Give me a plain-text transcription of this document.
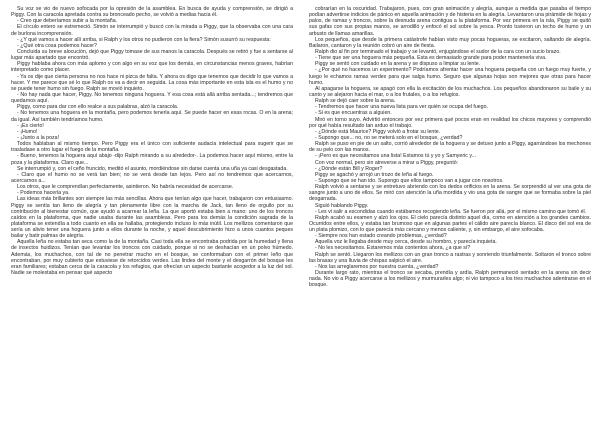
Su voz se vio de nuevo sofocada por la opresión de la asamblea. En busca de ayuda y comprensión, se dirigió a Piggy. Con la caracola apretada contra su bronceado pecho, se volvió a medias hacia él.

- Creo que deberíamos subir a la montaña.

El círculo entero se estremeció. Simón se interrumpió y buscó con la mirada a Piggy, que la observaba con una cara de burlona incomprensión.

- ¿Y qué vamos a hacer allí arriba, si Ralph y los otros no pudieron con la fiera? Simón susurró su respuesta:

- ¿Qué otra cosa podemos hacer?

Concluida su breve alocución, dejó que Piggy tomase de sus manos la caracola. Después se retiró y fue a sentarse al lugar más apartado que encontró.

Piggy hablaba ahora con más aplomo y con algo en su voz que los demás, en circunstancias menos graves, habrían interpretado como placer.

- Ya os dije que cierta persona no nos hace ni pizca de falta. Y ahora os digo que tenemos que decidir lo que vamos a hacer. Y me parece que sé lo que Ralph os va a decir en seguida. La cosa más importante en esta isla es el humo y no se puede tener humo sin fuego. Ralph se movió inquieto.

- No hay nada que hacer, Piggy. No tenemos ninguna hoguera. Y esa cosa está allá arriba sentada...; tendremos que quedarnos aquí.

Piggy, como para dar con ello realce a sus palabras, alzó la caracola.

- No tenemos una hoguera en la montaña, pero podemos tenerla aquí. Se puede hacer en esas rocas. O en la arena; da igual. Así también tendríamos humo.

- ¡Es cierto!

- ¡Humo!

- ¡Junto a la poza!

Todos hablaban al mismo tiempo. Pero Piggy era el único con suficiente audacia intelectual para sugerir que se trasladase a otro lugar el fuego de la montaña.

- Bueno, tenemos la hoguera aquí abajo -dijo Ralph mirando a su alrededor-. La podemos hacer aquí mismo, entre la poza y la plataforma. Claro que...

Se interrumpió y, con el ceño fruncido, meditó el asunto, mordiéndose sin darse cuenta una uña ya casi desgastada.

- Claro que el humo no se verá tan bien; no se verá desde tan lejos. Pero así no tendremos que acercarnos, acercarnos a...

Los otros, que le comprendían perfectamente, asintieron. No habría necesidad de acercarse.

- Podemos hacerla ya.

Las ideas más brillantes son siempre las más sencillas. Ahora que tenían algo que hacer, trabajaron con entusiasmo. Piggy se sentía tan lleno de alegría y tan plenamente libre con la marcha de Jack, tan lleno de orgullo por su contribución al bienestar común, que ayudó a acarrear la leña. La que aportó estaba bien a mano: uno de los troncos caídos en la plataforma, que nadie usaba durante las asambleas. Pero para los demás la condición sagrada de la plataforma se extendía a todo cuanto en ella se hallaba, protegiendo incluso lo más inútil. Los mellizos comentaron que sería un alivio tener una hoguera junto a ellos durante la noche, y aquel descubrimiento hizo a unos cuantos peques bailar y batir palmas de alegría.

Aquella leña no estaba tan seca como la de la montaña. Casi toda ella se encontraba podrida por la humedad y llena de insectos huidizos. Tenían que levantar los troncos con cuidado, porque si no se deshacían en un polvo húmedo. Además, los muchachos, con tal de no penetrar mucho en el bosque, se conformaban con el primer leño que encontraban, por muy cubierto que estuviese de retorcidos verdes. Las lindes del monte y el desgarrón del bosque les eran familiares; estaban cerca de la caracola y los refugios, que ofrecían un aspecto bastante acogedor a la luz del sol. Nadie se molestaba en pensar qué aspecto

cobrarían en la oscuridad. Trabajaron, pues, con gran animación y alegría, aunque a medida que pasaba el tiempo podían advertirse indicios de pánico en aquella animación y de histeria en la alegría. Levantaron una pirámide de hojas y palos, de ramas y troncos, sobre la desnuda arena contigua a la plataforma. Por vez primera en la isla, Piggy se quitó sus gafas con sus propias manos, se arrodilló y enfocó el sol sobre la yesca. Pronto tuvieron un techo de humo y un arbusto de llamas amarillas.

Los pequeños, que desde la primera catástrofe habían visto muy pocas hogueras, se excitaron, saltando de alegría. Bailaron, cantaron y la reunión cobró un aire de fiesta.

Ralph dio al fin por terminado el trabajo y se levantó, enjugándose el sudor de la cara con un sucio brazo.

- Tiene que ser una hoguera más pequeña. Esta es demasiado grande para poder mantenerla viva.

Piggy se sentó con cuidado en la arena y se dispuso a limpiar su lente.

- ¿Por qué no hacemos un experimento? Podríamos afrentar hacer una hoguera pequeña con un fuego muy fuerte, y luego le echamos ramas verdes para que salga humo. Seguro que algunas hojas son mejores que otras para hacer humo.

Al apagarse la hoguera, se apagó con ella la excitación de los muchachos. Los pequeños abandonaron su baile y su canto y se alejaron hacia el mar, o a los frutales, o a los refugios.

Ralph se dejó caer sobre la arena.

- Tendremos que hacer una nueva lista para ver quién se ocupa del fuego.

- Si es que encuentras a alguien.

Miró en torno suyo. Advirtió entonces por vez primera qué pocos eran en realidad los chicos mayores y comprendió por qué había resultado tan arduo el trabajo.

- ¿Dónde está Maurice? Piggy volvió a frotar su lente.

- Supongo que... no, no se meterá solo en el bosque, ¿verdad?

Ralph se puso en pie de un salto, corrió alrededor de la hoguera y se detuvo junto a Piggy, agarrándose los mechones de su pelo con las manos.

- ¡Pero es que necesitamos una lista! Estamos tú y yo y Samyeric y...

Con voz normal, pero sin atreverse a mirar a Piggy, preguntó:

- ¿Dónde están Bill y Roger?

Piggy se agachó y arrojó un trozo de leña al fuego.

- Supongo que se han ido. Supongo que ellos tampoco van a jugar con nosotros.

Ralph volvió a sentarse y se entretuvo abriendo con los dedos orificios en la arena. Se sorprendió al ver una gota de sangre junto a uno de ellos. Se miró con atención la uña mordida y vio una gota de sangre que se formaba sobre la piel desgarrada.

Siguió hablando Piggy.

- Les vi salir a escondidas cuando estábamos recogiendo leña. Se fueron por allá, por el mismo camino que tomó él.

Ralph acabó su examen y alzó los ojos. El cielo parecía distinto aquel día, como en atención a los grandes cambios. Ocurridos entre ellos, y estaba tan brumoso que en algunas partes el cálido aire parecía blanco. El disco del sol era de un plata plomizo, con lo que parecía más cercano y menos caliente, y, sin embargo, el aire sofocaba.

- Siempre nos han estado creando problemas, ¿verdad?

Aquella voz le llegaba desde muy cerca, desde su hombro, y parecía inquieta.

- No les necesitamos. Estaremos más contentos ahora, ¿a que sí?

Ralph se sentó. Llegaron los mellizos con un gran tronco a rastras y sonriendo triunfalmente. Soltaron el tronco sobre las brasas y una lluvia de chispas salpicó el aire.

- Nos las arreglaremos por nuestra cuenta, ¿verdad?

Durante largo rato, mientras el tronco se secaba, prendía y ardía, Ralph permaneció sentado en la arena sin decir nada. No vio a Piggy acercarse a los mellizos y murmurarles algo; ni vio tampoco a los tres muchachos adentrarse en el bosque.
